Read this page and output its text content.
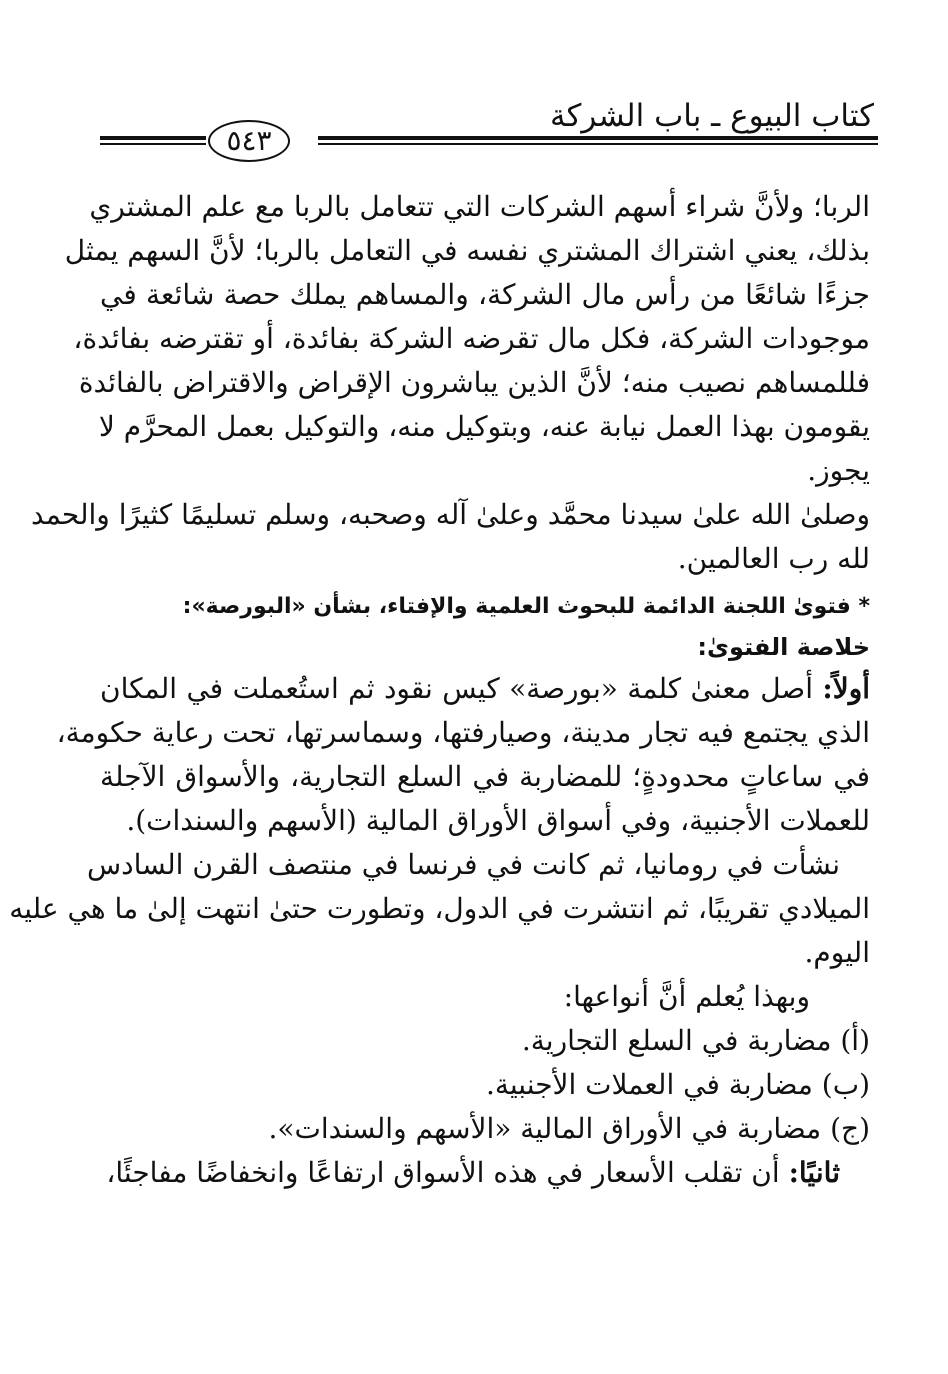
كتاب البيوع ـ باب الشركة
٥٤٣
الربا؛ ولأنَّ شراء أسهم الشركات التي تتعامل بالربا مع علم المشتري
بذلك، يعني اشتراك المشتري نفسه في التعامل بالربا؛ لأنَّ السهم يمثل
جزءًا شائعًا من رأس مال الشركة، والمساهم يملك حصة شائعة في
موجودات الشركة، فكل مال تقرضه الشركة بفائدة، أو تقترضه بفائدة،
فللمساهم نصيب منه؛ لأنَّ الذين يباشرون الإقراض والاقتراض بالفائدة
يقومون بهذا العمل نيابة عنه، وبتوكيل منه، والتوكيل بعمل المحرَّم لا
يجوز.
وصلىٰ الله علىٰ سيدنا محمَّد وعلىٰ آله وصحبه، وسلم تسليمًا كثيرًا والحمد
لله رب العالمين.
* فتوىٰ اللجنة الدائمة للبحوث العلمية والإفتاء، بشأن «البورصة»:
خلاصة الفتوىٰ:
أولاً: أصل معنىٰ كلمة «بورصة» كيس نقود ثم استُعملت في المكان
الذي يجتمع فيه تجار مدينة، وصيارفتها، وسماسرتها، تحت رعاية حكومة،
في ساعاتٍ محدودةٍ؛ للمضاربة في السلع التجارية، والأسواق الآجلة
للعملات الأجنبية، وفي أسواق الأوراق المالية (الأسهم والسندات).
نشأت في رومانيا، ثم كانت في فرنسا في منتصف القرن السادس
الميلادي تقريبًا، ثم انتشرت في الدول، وتطورت حتىٰ انتهت إلىٰ ما هي عليه
اليوم.
وبهذا يُعلم أنَّ أنواعها:
(أ) مضاربة في السلع التجارية.
(ب) مضاربة في العملات الأجنبية.
(ج) مضاربة في الأوراق المالية «الأسهم والسندات».
ثانيًا: أن تقلب الأسعار في هذه الأسواق ارتفاعًا وانخفاضًا مفاجئًا،
